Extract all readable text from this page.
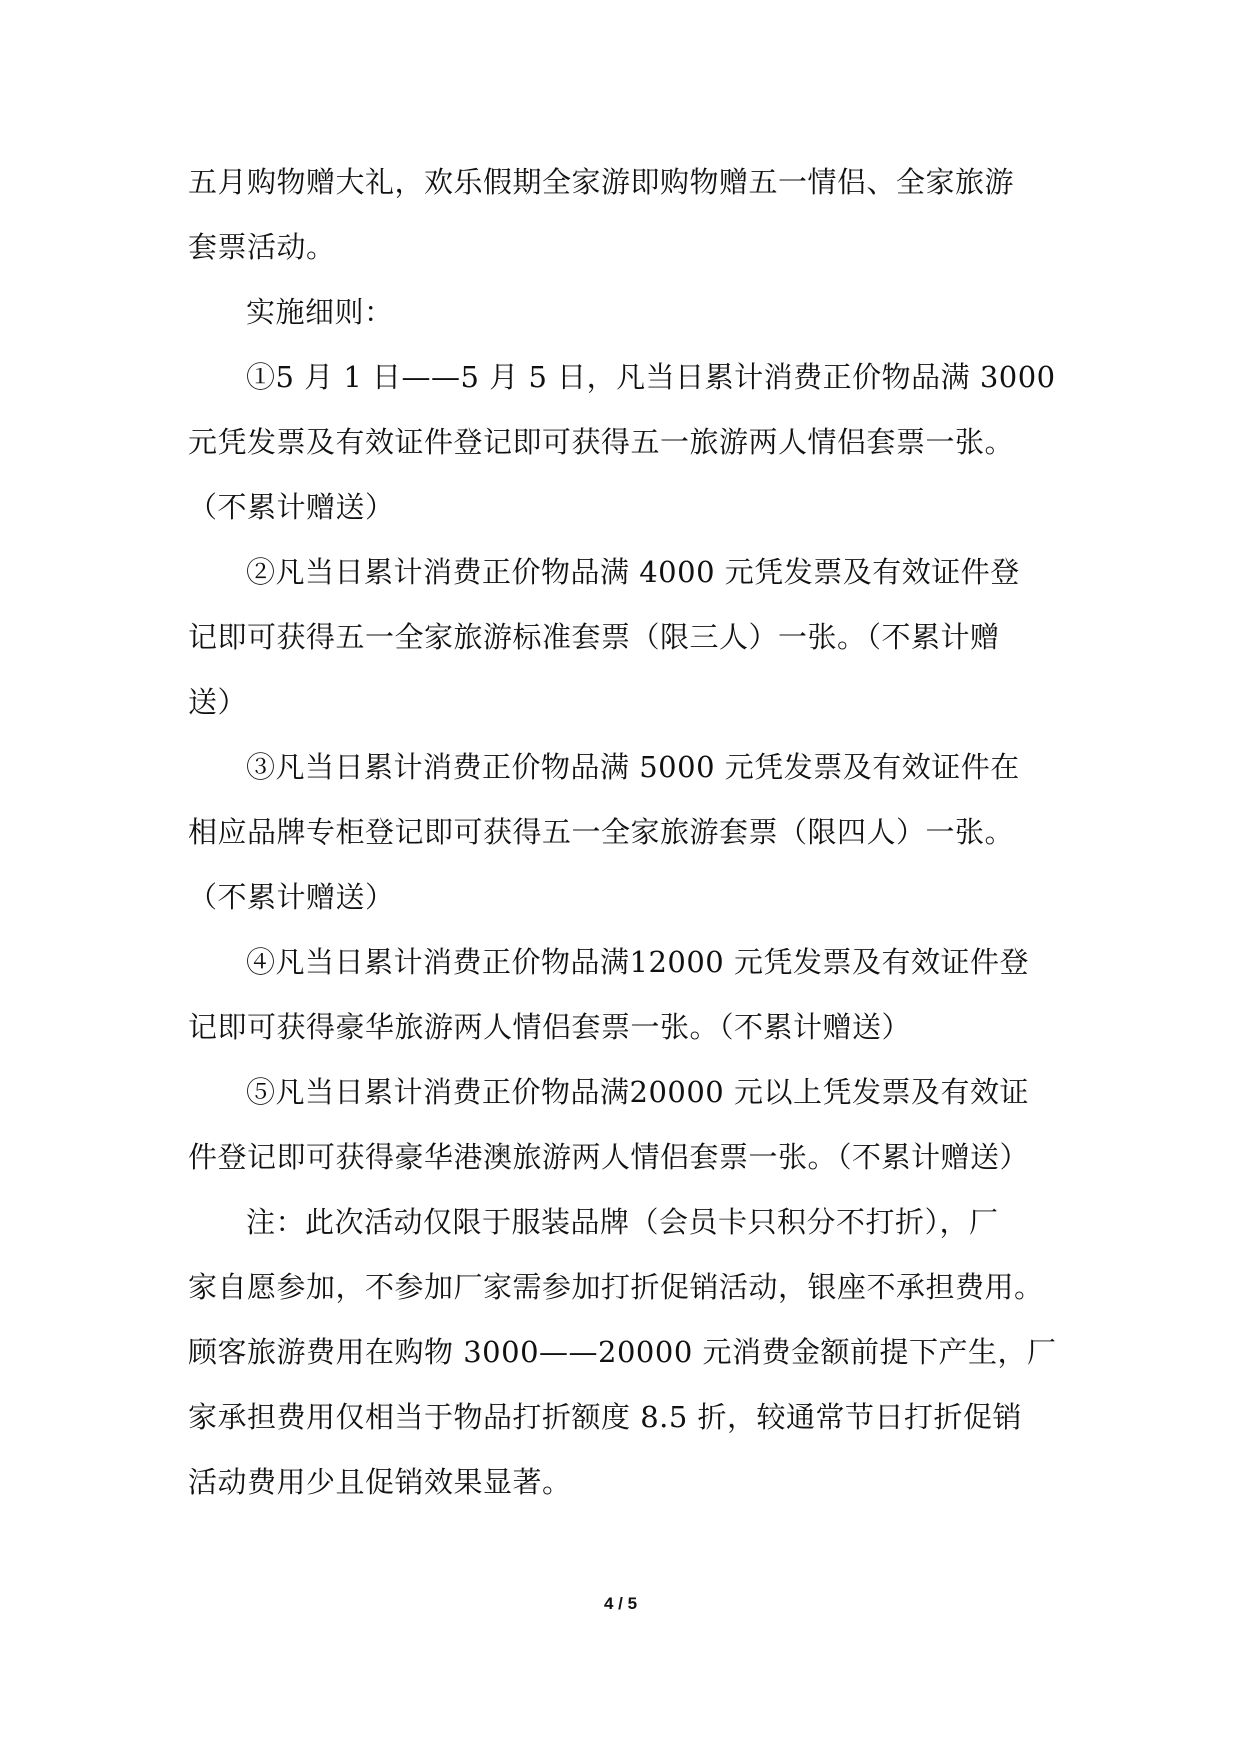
五月购物赠大礼，欢乐假期全家游即购物赠五一情侣、全家旅游
套票活动。
实施细则：
①5 月 1 日——5 月 5 日，凡当日累计消费正价物品满 3000
元凭发票及有效证件登记即可获得五一旅游两人情侣套票一张。
（不累计赠送）
②凡当日累计消费正价物品满 4000 元凭发票及有效证件登
记即可获得五一全家旅游标准套票（限三人）一张。（不累计赠
送）
③凡当日累计消费正价物品满 5000 元凭发票及有效证件在
相应品牌专柜登记即可获得五一全家旅游套票（限四人）一张。
（不累计赠送）
④凡当日累计消费正价物品满12000 元凭发票及有效证件登
记即可获得豪华旅游两人情侣套票一张。（不累计赠送）
⑤凡当日累计消费正价物品满20000 元以上凭发票及有效证
件登记即可获得豪华港澳旅游两人情侣套票一张。（不累计赠送）
注：此次活动仅限于服装品牌（会员卡只积分不打折），厂
家自愿参加，不参加厂家需参加打折促销活动，银座不承担费用。
顾客旅游费用在购物 3000——20000 元消费金额前提下产生，厂
家承担费用仅相当于物品打折额度 8.5 折，较通常节日打折促销
活动费用少且促销效果显著。
4 / 5
